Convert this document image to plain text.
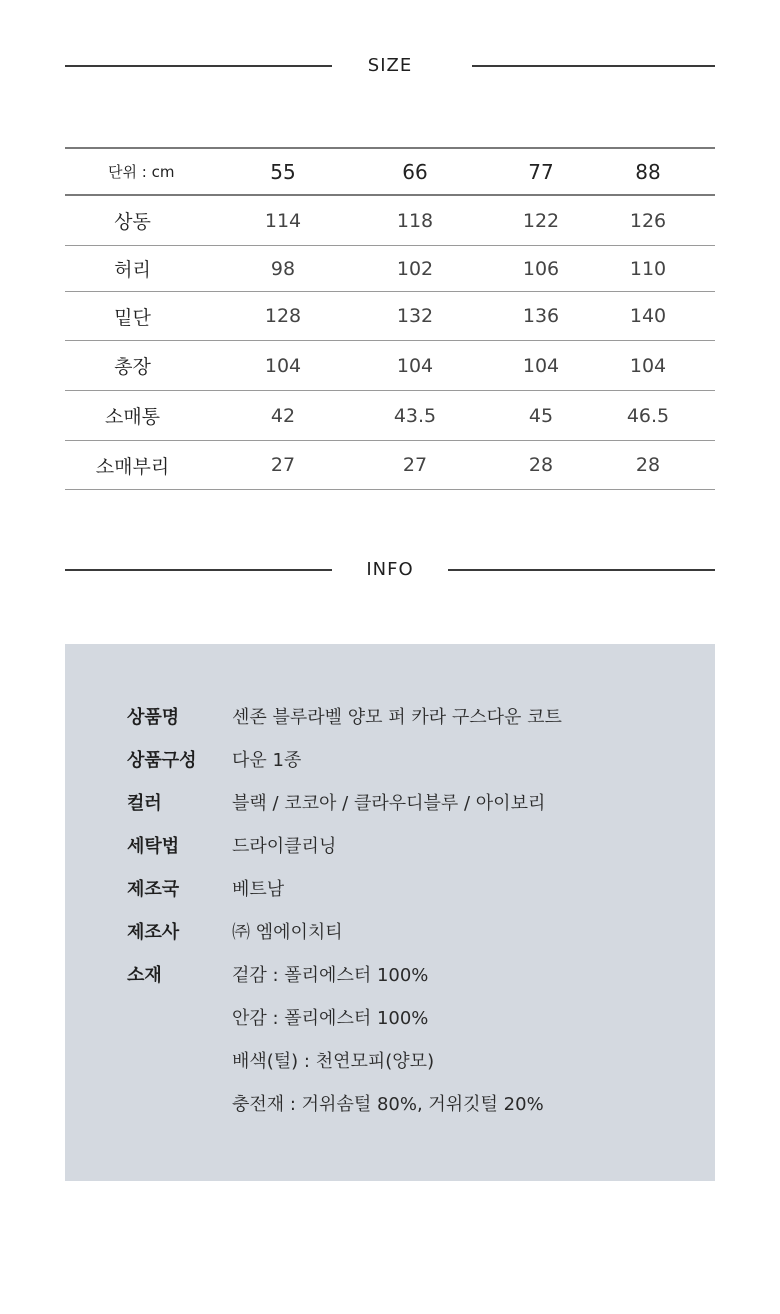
SIZE
단위 : cm	55	66	77	88
상동	114	118	122	126
허리	98	102	106	110
밑단	128	132	136	140
총장	104	104	104	104
소매통	42	43.5	45	46.5
소매부리	27	27	28	28
INFO
상품명	센존 블루라벨 양모 퍼 카라 구스다운 코트
상품구성 다운 1종
컬러	블랙 / 코코아 / 클라우디블루 / 아이보리
세탁법	드라이클리닝
제조국	베트남
제조사	㈜ 엠에이치티
소재	겉감 : 폴리에스터 100%
안감 : 폴리에스터 100%
배색(털) : 천연모피(양모)
충전재 : 거위솜털 80%, 거위깃털 20%
